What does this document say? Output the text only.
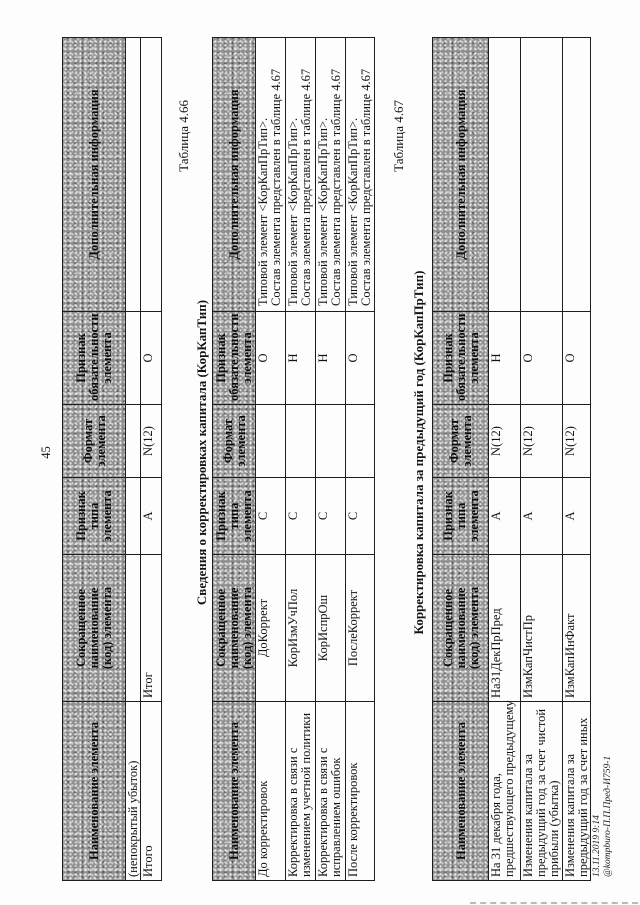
45
Наименование элемента	Сокращенное наименование (код) элемента	Признак типа элемента	Формат элемента	Признак обязательности элемента	Дополнительная информация

(непокрытый убыток)					

Итого	Итог	А	N(12)	О	
Таблица 4.66
Сведения о корректировках капитала (КорКапТип)
Наименование элемента	Сокращенное наименование (код) элемента	Признак типа элемента	Формат элемента	Признак обязательности элемента	Дополнительная информация

До корректировок	ДоКоррект	С		О	Типовой элемент <КорКапПрТип>. Состав элемента представлен в таблице 4.67

Корректировка в связи с изменением учетной политики	КорИзмУчПол	С		Н	Типовой элемент <КорКапПрТип>. Состав элемента представлен в таблице 4.67

Корректировка в связи с исправлением ошибок	КорИспрОш	С		Н	Типовой элемент <КорКапПрТип>. Состав элемента представлен в таблице 4.67

После корректировок	ПослеКоррект	С		О	Типовой элемент <КорКапПрТип>. Состав элемента представлен в таблице 4.67 Таблица 4.67
Корректировка капитала за предыдущий год (КорКапПрТип)
Наименование элемента	Сокращенное наименование (код) элемента	Признак типа элемента	Формат элемента	Признак обязательности элемента	Дополнительная информация

На 31 декабря года, предшествующего предыдущему	На31ДекПрПред	А	N(12)	Н	

Изменения капитала за предыдущий год за счет чистой прибыли (убытка)	ИзмКапЧистПр	А	N(12)	О	

Изменения капитала за предыдущий год за счет иных	ИзмКапИнФакт	А	N(12)	О	
13.11.2019 9:14 @kompburo-П.П.Пред-И759-1
